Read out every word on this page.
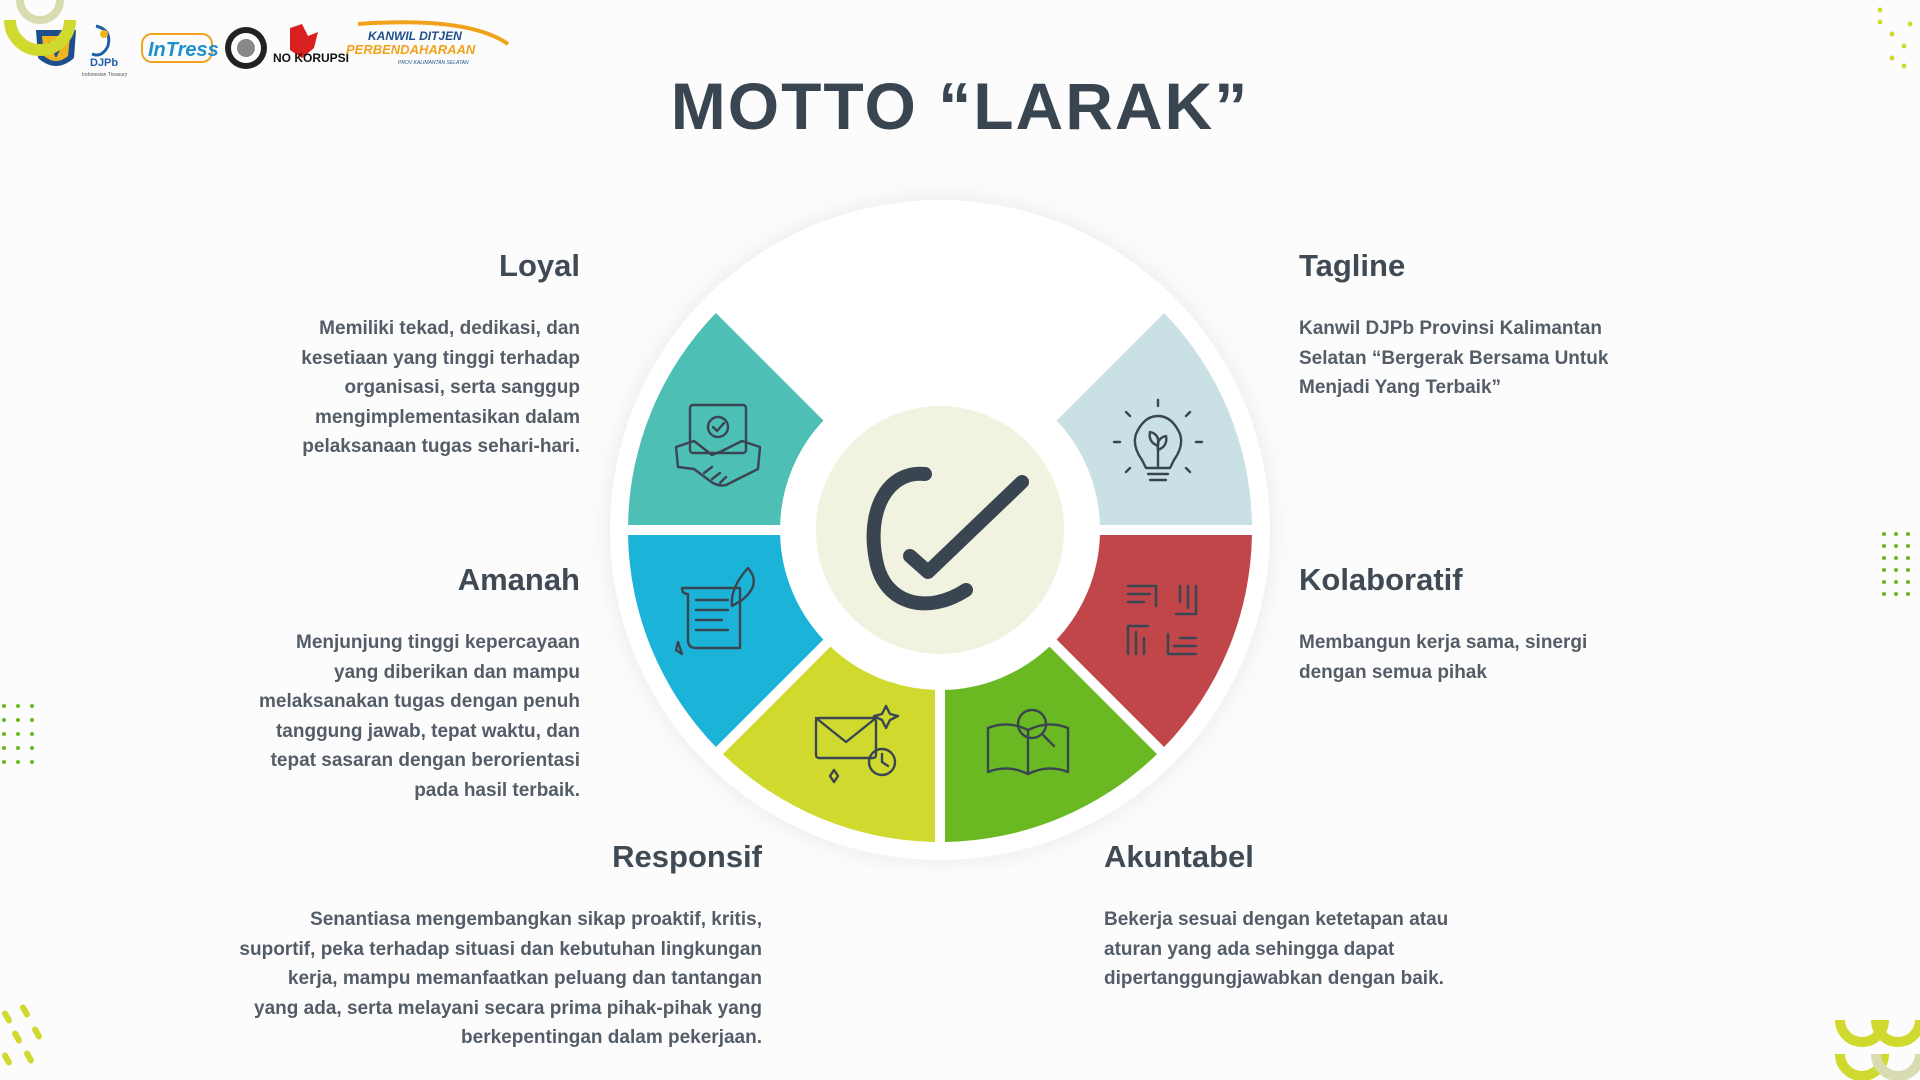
DJPb
Indonesian Treasury
InTress	NO KORUPSI
KANWIL DITJEN
PERBENDAHARAAN
PROV KALIMANTAN SELATAN
MOTTO “LARAK”
Loyal
Memiliki tekad, dedikasi, dan
kesetiaan yang tinggi terhadap
organisasi, serta sanggup
mengimplementasikan dalam
pelaksanaan tugas sehari-hari.
Amanah
Menjunjung tinggi kepercayaan
yang diberikan dan mampu
melaksanakan tugas dengan penuh
tanggung jawab, tepat waktu, dan
tepat sasaran dengan berorientasi
pada hasil terbaik.
Responsif
Senantiasa mengembangkan sikap proaktif, kritis,
suportif, peka terhadap situasi dan kebutuhan lingkungan
kerja, mampu memanfaatkan peluang dan tantangan
yang ada, serta melayani secara prima pihak-pihak yang
berkepentingan dalam pekerjaan.
Tagline
Kanwil DJPb Provinsi Kalimantan
Selatan “Bergerak Bersama Untuk
Menjadi Yang Terbaik”
Kolaboratif
Membangun kerja sama, sinergi
dengan semua pihak
Akuntabel
Bekerja sesuai dengan ketetapan atau
aturan yang ada sehingga dapat
dipertanggungjawabkan dengan baik.
